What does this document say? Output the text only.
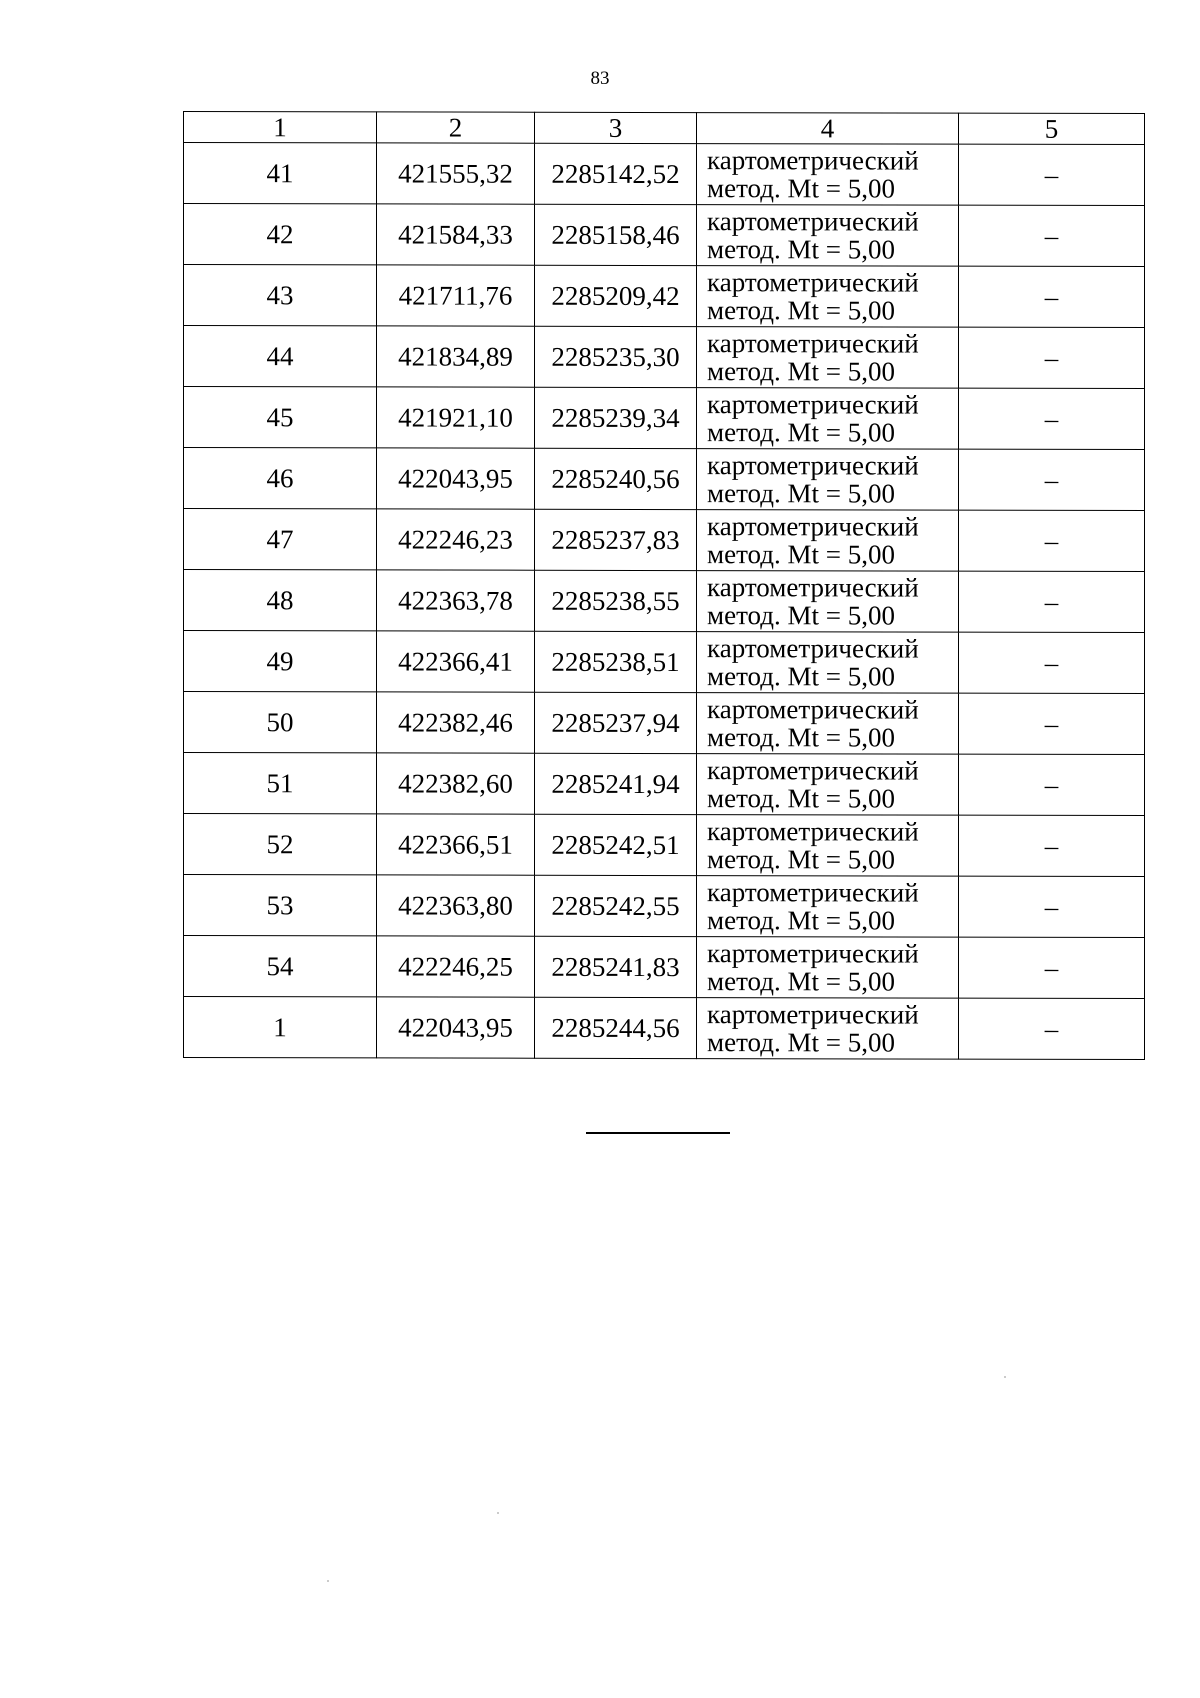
83
1	2	3	4	5
41	421555,32	2285142,52	картометрический
метод. Mt = 5,00	–
42	421584,33	2285158,46	картометрический
метод. Mt = 5,00	–
43	421711,76	2285209,42	картометрический
метод. Mt = 5,00	–
44	421834,89	2285235,30	картометрический
метод. Mt = 5,00	–
45	421921,10	2285239,34	картометрический
метод. Mt = 5,00	–
46	422043,95	2285240,56	картометрический
метод. Mt = 5,00	–
47	422246,23	2285237,83	картометрический
метод. Mt = 5,00	–
48	422363,78	2285238,55	картометрический
метод. Mt = 5,00	–
49	422366,41	2285238,51	картометрический
метод. Mt = 5,00	–
50	422382,46	2285237,94	картометрический
метод. Mt = 5,00	–
51	422382,60	2285241,94	картометрический
метод. Mt = 5,00	–
52	422366,51	2285242,51	картометрический
метод. Mt = 5,00	–
53	422363,80	2285242,55	картометрический
метод. Mt = 5,00	–
54	422246,25	2285241,83	картометрический
метод. Mt = 5,00	–
1	422043,95	2285244,56	картометрический
метод. Mt = 5,00	–
